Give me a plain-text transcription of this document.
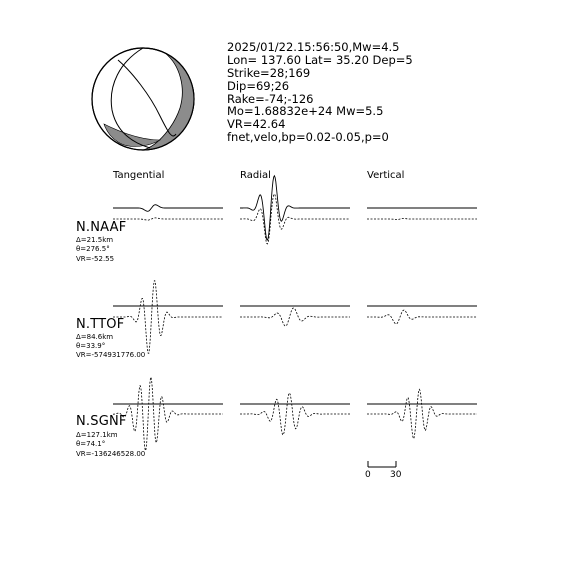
2025/01/22.15:56:50,Mw=4.5
Lon= 137.60 Lat= 35.20 Dep=5
Strike=28;169
Dip=69;26
Rake=-74;-126
Mo=1.68832e+24 Mw=5.5
VR=42.64
fnet,velo,bp=0.02-0.05,p=0
Tangential	Radial	Vertical
N.NAAF
Δ=21.5km
θ=276.5°
VR=-52.55
N.TTOF
Δ=84.6km
θ=33.9°
VR=-574931776.00
N.SGNF
Δ=127.1km
θ=74.1°
VR=-136246528.00
0 30
